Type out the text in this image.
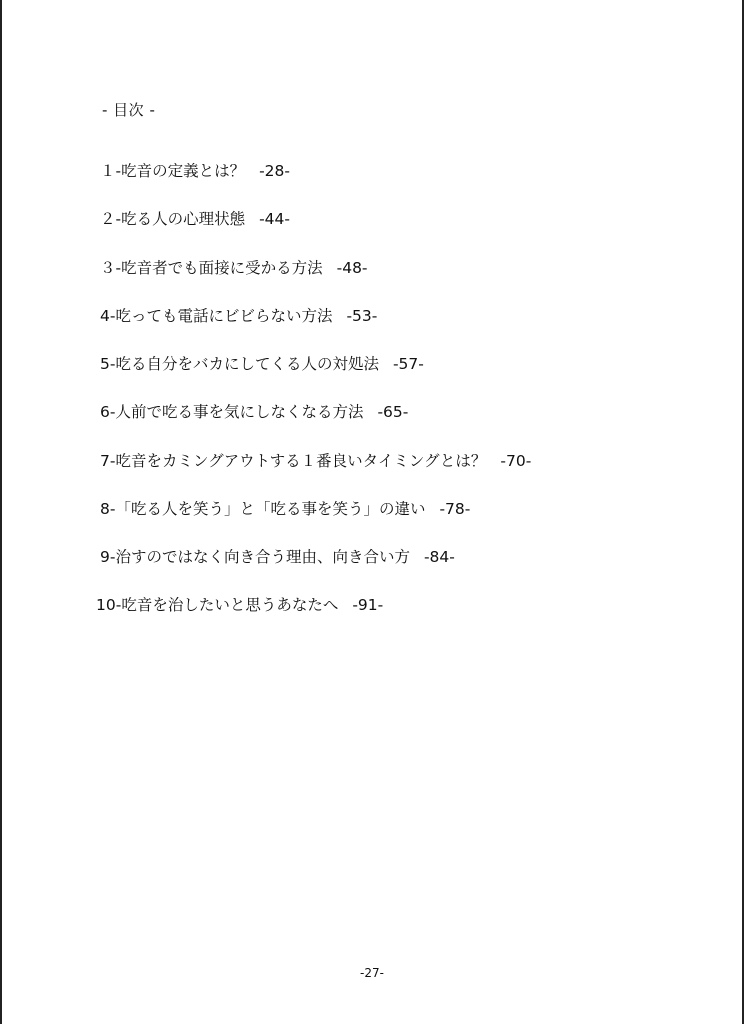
- 目次 -
１-吃音の定義とは？ -28-
２-吃る人の心理状態 -44-
３-吃音者でも面接に受かる方法 -48-
4-吃っても電話にビビらない方法 -53-
5-吃る自分をバカにしてくる人の対処法 -57-
6-人前で吃る事を気にしなくなる方法 -65-
7-吃音をカミングアウトする１番良いタイミングとは？ -70-
8-「吃る人を笑う」と「吃る事を笑う」の違い -78-
9-治すのではなく向き合う理由、向き合い方 -84-
10-吃音を治したいと思うあなたへ -91-
-27-
